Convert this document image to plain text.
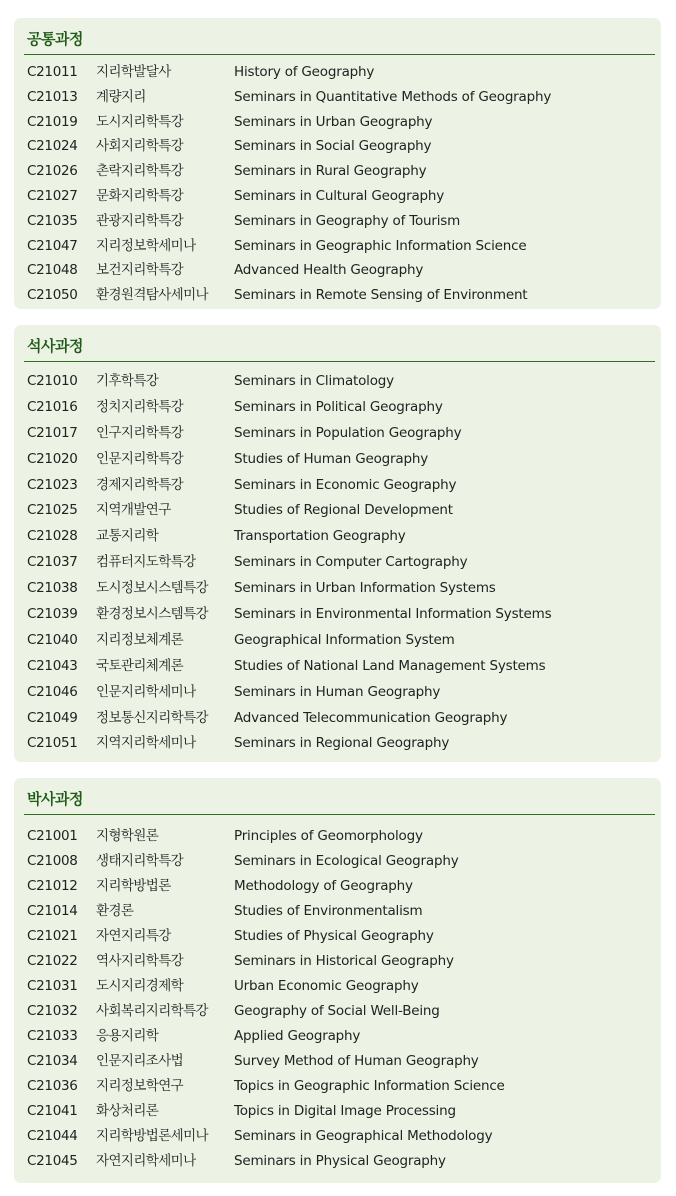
공통과정
C21011 지리학발달사	History of Geography
C21013 계량지리	Seminars in Quantitative Methods of Geography
C21019 도시지리학특강	Seminars in Urban Geography
C21024 사회지리학특강	Seminars in Social Geography
C21026 촌락지리학특강	Seminars in Rural Geography
C21027 문화지리학특강	Seminars in Cultural Geography
C21035 관광지리학특강	Seminars in Geography of Tourism
C21047 지리정보학세미나	Seminars in Geographic Information Science
C21048 보건지리학특강	Advanced Health Geography
C21050 환경원격탐사세미나 Seminars in Remote Sensing of Environment
석사과정
C21010 기후학특강	Seminars in Climatology
C21016 정치지리학특강	Seminars in Political Geography
C21017 인구지리학특강	Seminars in Population Geography
C21020 인문지리학특강	Studies of Human Geography
C21023 경제지리학특강	Seminars in Economic Geography
C21025 지역개발연구	Studies of Regional Development
C21028 교통지리학	Transportation Geography
C21037 컴퓨터지도학특강	Seminars in Computer Cartography
C21038 도시정보시스템특강 Seminars in Urban Information Systems
C21039 환경정보시스템특강 Seminars in Environmental Information Systems
C21040 지리정보체계론	Geographical Information System
C21043 국토관리체계론	Studies of National Land Management Systems
C21046 인문지리학세미나	Seminars in Human Geography
C21049 정보통신지리학특강 Advanced Telecommunication Geography
C21051 지역지리학세미나	Seminars in Regional Geography
박사과정
C21001 지형학원론	Principles of Geomorphology
C21008 생태지리학특강	Seminars in Ecological Geography
C21012 지리학방법론	Methodology of Geography
C21014 환경론	Studies of Environmentalism
C21021 자연지리특강	Studies of Physical Geography
C21022 역사지리학특강	Seminars in Historical Geography
C21031 도시지리경제학	Urban Economic Geography
C21032 사회복리지리학특강 Geography of Social Well-Being
C21033 응용지리학	Applied Geography
C21034 인문지리조사법	Survey Method of Human Geography
C21036 지리정보학연구	Topics in Geographic Information Science
C21041 화상처리론	Topics in Digital Image Processing
C21044 지리학방법론세미나 Seminars in Geographical Methodology
C21045 자연지리학세미나	Seminars in Physical Geography
